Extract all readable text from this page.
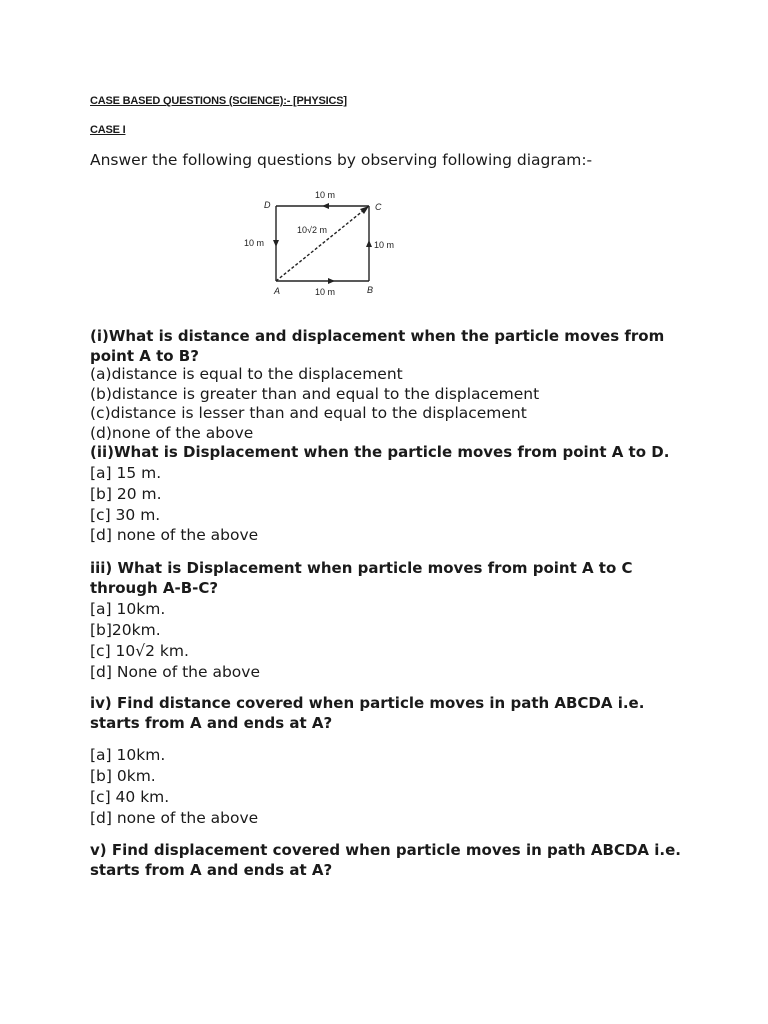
CASE BASED QUESTIONS (SCIENCE):- [PHYSICS]
CASE I
Answer the following questions by observing following diagram:-
10 m
D	C
10√2 m
10 m	10 m
A	10 m	B

(i)What is distance and displacement when the particle moves from point A to B?

(a)distance is equal to the displacement
(b)distance is greater than and equal to the displacement
(c)distance is lesser than and equal to the displacement
(d)none of the above

(ii)What is Displacement when the particle moves from point A to D.

[a] 15 m.
[b] 20 m.
[c] 30 m.
[d] none of the above

iii) What is Displacement when particle moves from point A to C through A-B-C?

[a] 10km.
[b]20km.
[c] 10√2 km.
[d] None of the above

iv) Find distance covered when particle moves in path ABCDA i.e. starts from A and ends at A?

[a] 10km.
[b] 0km.
[c] 40 km.
[d] none of the above

v) Find displacement covered when particle moves in path ABCDA i.e. starts from A and ends at A?
